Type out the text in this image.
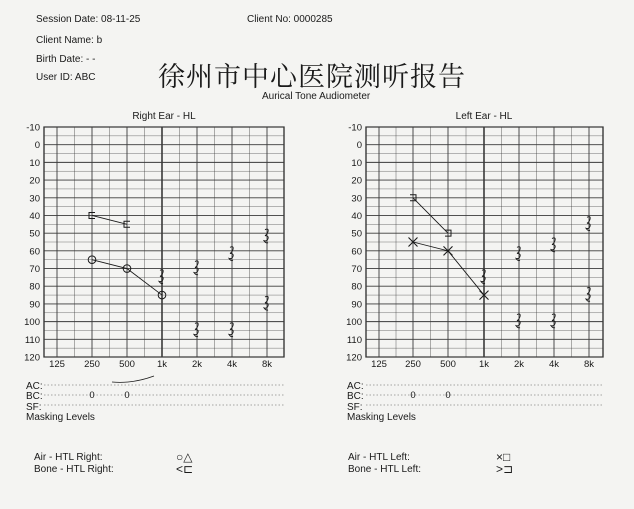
Session Date: 08-11-25	Client No: 0000285
Client Name: b
Birth Date: - -
User ID: ABC 徐州市中心医院测听报告
Aurical Tone Audiometer
Right Ear - HL
-10
0
10
20
30
40
50
60
70
80
90
100
110
120
125 250 500 1k	2k	4k	8k
0	0
Left Ear - HL
-10
0
10
20
30
40
50
60
70
80
90
100
110
120
125 250 500 1k	2k	4k	8k
0	0
AC:
BC:
SF:
Masking Levels
AC:
BC:
SF:
Masking Levels
Air - HTL Right:
Bone - HTL Right:
○△
<⊏
Air - HTL Left:
Bone - HTL Left:
×□
>⊐
